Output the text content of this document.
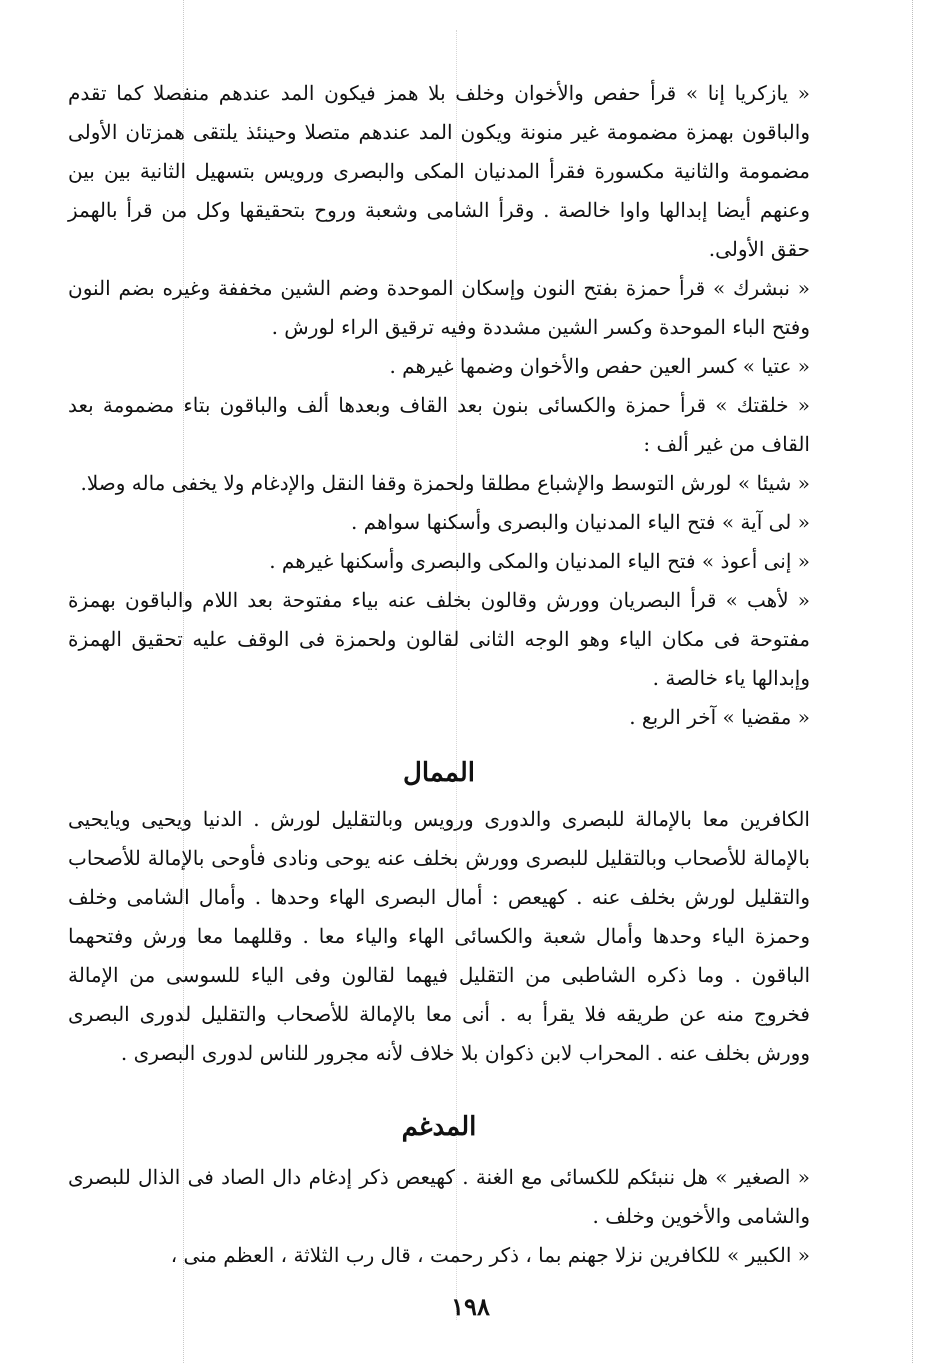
« يازكريا إنا » قرأ حفص والأخوان وخلف بلا همز فيكون المد عندهم منفصلا كما تقدم والباقون بهمزة مضمومة غير منونة ويكون المد عندهم متصلا وحينئذ يلتقى همزتان الأولى مضمومة والثانية مكسورة فقرأ المدنيان المكى والبصرى ورويس بتسهيل الثانية بين بين وعنهم أيضا إبدالها واوا خالصة . وقرأ الشامى وشعبة وروح بتحقيقها وكل من قرأ بالهمز حقق الأولى.

« نبشرك » قرأ حمزة بفتح النون وإسكان الموحدة وضم الشين مخففة وغيره بضم النون وفتح الباء الموحدة وكسر الشين مشددة وفيه ترقيق الراء لورش .

« عتيا » كسر العين حفص والأخوان وضمها غيرهم .

« خلقتك » قرأ حمزة والكسائى بنون بعد القاف وبعدها ألف والباقون بتاء مضمومة بعد القاف من غير ألف :

« شيئا » لورش التوسط والإشباع مطلقا ولحمزة وقفا النقل والإدغام ولا يخفى ماله وصلا.

« لى آية » فتح الياء المدنيان والبصرى وأسكنها سواهم .

« إنى أعوذ » فتح الياء المدنيان والمكى والبصرى وأسكنها غيرهم .

« لأهب » قرأ البصريان وورش وقالون بخلف عنه بياء مفتوحة بعد اللام والباقون بهمزة مفتوحة فى مكان الياء وهو الوجه الثانى لقالون ولحمزة فى الوقف عليه تحقيق الهمزة وإبدالها ياء خالصة .

« مقضيا » آخر الربع .

الممال

الكافرين معا بالإمالة للبصرى والدورى ورويس وبالتقليل لورش . الدنيا ويحيى ويايحيى بالإمالة للأصحاب وبالتقليل للبصرى وورش بخلف عنه يوحى ونادى فأوحى بالإمالة للأصحاب والتقليل لورش بخلف عنه . كهيعص : أمال البصرى الهاء وحدها . وأمال الشامى وخلف وحمزة الياء وحدها وأمال شعبة والكسائى الهاء والياء معا . وقللهما معا ورش وفتحهما الباقون . وما ذكره الشاطبى من التقليل فيهما لقالون وفى الياء للسوسى من الإمالة فخروج منه عن طريقه فلا يقرأ به . أنى معا بالإمالة للأصحاب والتقليل لدورى البصرى وورش بخلف عنه . المحراب لابن ذكوان بلا خلاف لأنه مجرور للناس لدورى البصرى .

المدغم

« الصغير » هل ننبئكم للكسائى مع الغنة . كهيعص ذكر إدغام دال الصاد فى الذال للبصرى والشامى والأخوين وخلف .

« الكبير » للكافرين نزلا جهنم بما ، ذكر رحمت ، قال رب الثلاثة ، العظم منى ،

١٩٨
